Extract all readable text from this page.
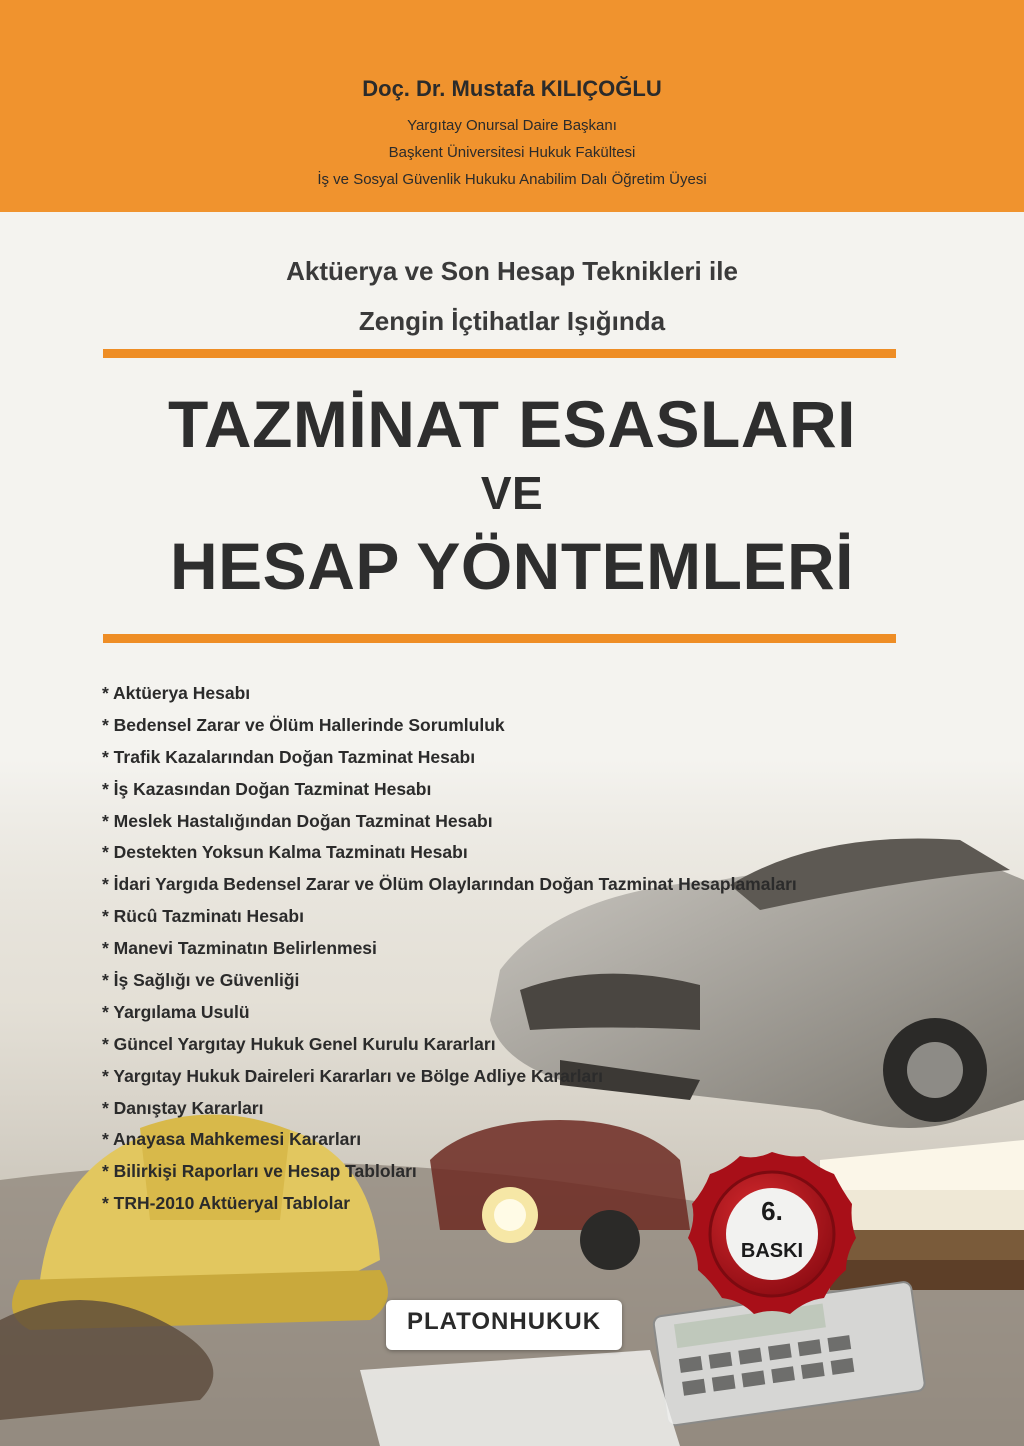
Doç. Dr. Mustafa KILIÇOĞLU
Yargıtay Onursal Daire Başkanı
Başkent Üniversitesi Hukuk Fakültesi
İş ve Sosyal Güvenlik Hukuku Anabilim Dalı Öğretim Üyesi
Aktüerya ve Son Hesap Teknikleri ile
Zengin İçtihatlar Işığında
TAZMİNAT ESASLARI
VE
HESAP YÖNTEMLERİ
* Aktüerya Hesabı
* Bedensel Zarar ve Ölüm Hallerinde Sorumluluk
* Trafik Kazalarından Doğan Tazminat Hesabı
* İş Kazasından Doğan Tazminat Hesabı
* Meslek Hastalığından Doğan Tazminat Hesabı
* Destekten Yoksun Kalma Tazminatı Hesabı
* İdari Yargıda Bedensel Zarar ve Ölüm Olaylarından Doğan Tazminat Hesaplamaları
* Rücû Tazminatı Hesabı
* Manevi Tazminatın Belirlenmesi
* İş Sağlığı ve Güvenliği
* Yargılama Usulü
* Güncel Yargıtay Hukuk Genel Kurulu Kararları
* Yargıtay Hukuk Daireleri Kararları ve Bölge Adliye Kararları
* Danıştay Kararları
* Anayasa Mahkemesi Kararları
* Bilirkişi Raporları ve Hesap Tabloları
* TRH-2010 Aktüeryal Tablolar	6.
BASKI
PLATONHUKUK
